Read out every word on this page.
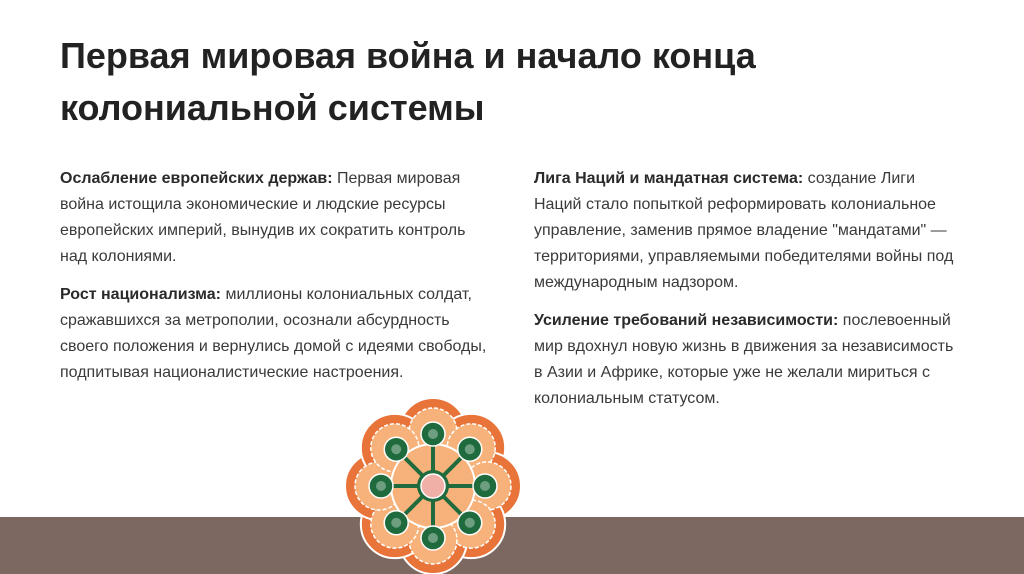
Первая мировая война и начало конца
колониальной системы

Ослабление европейских держав: Первая мировая война истощила экономические и людские ресурсы европейских империй, вынудив их сократить контроль над колониями.

Рост национализма: миллионы колониальных солдат, сражавшихся за метрополии, осознали абсурдность своего положения и вернулись домой с идеями свободы, подпитывая националистические настроения.

Лига Наций и мандатная система: создание Лиги Наций стало попыткой реформировать колониальное управление, заменив прямое владение "мандатами" — территориями, управляемыми победителями войны под международным надзором.

Усиление требований независимости: послевоенный мир вдохнул новую жизнь в движения за независимость в Азии и Африке, которые уже не желали мириться с колониальным статусом.
